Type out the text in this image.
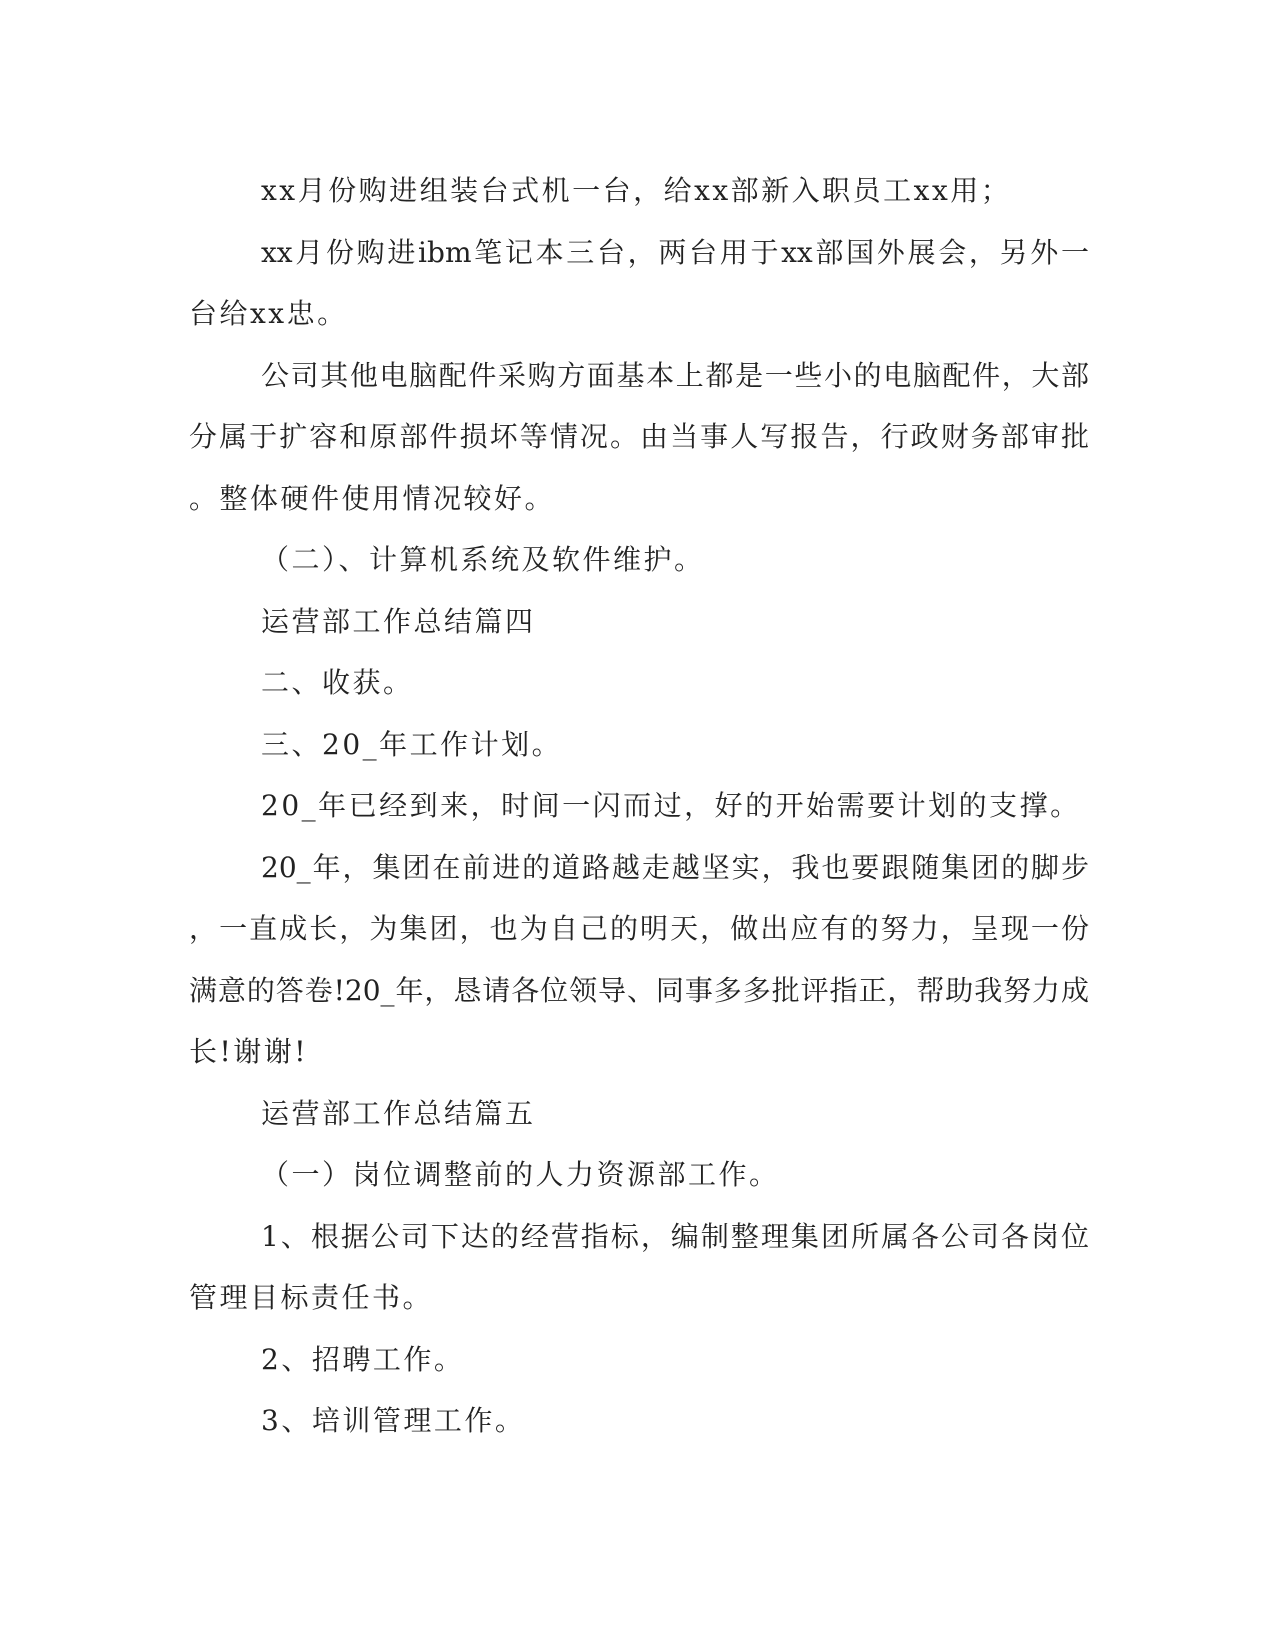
xx月份购进组装台式机一台，给xx部新入职员工xx用；
xx月份购进ibm笔记本三台，两台用于xx部国外展会，另外一
台给xx忠。
公司其他电脑配件采购方面基本上都是一些小的电脑配件，大部
分属于扩容和原部件损坏等情况。由当事人写报告，行政财务部审批
。整体硬件使用情况较好。
（二）、计算机系统及软件维护。
运营部工作总结篇四
二、收获。
三、20_年工作计划。
20_年已经到来，时间一闪而过，好的开始需要计划的支撑。
20_年，集团在前进的道路越走越坚实，我也要跟随集团的脚步
，一直成长，为集团，也为自己的明天，做出应有的努力，呈现一份
满意的答卷!20_年，恳请各位领导、同事多多批评指正，帮助我努力成
长!谢谢!
运营部工作总结篇五
（一）岗位调整前的人力资源部工作。
1、根据公司下达的经营指标，编制整理集团所属各公司各岗位
管理目标责任书。
2、招聘工作。
3、培训管理工作。
